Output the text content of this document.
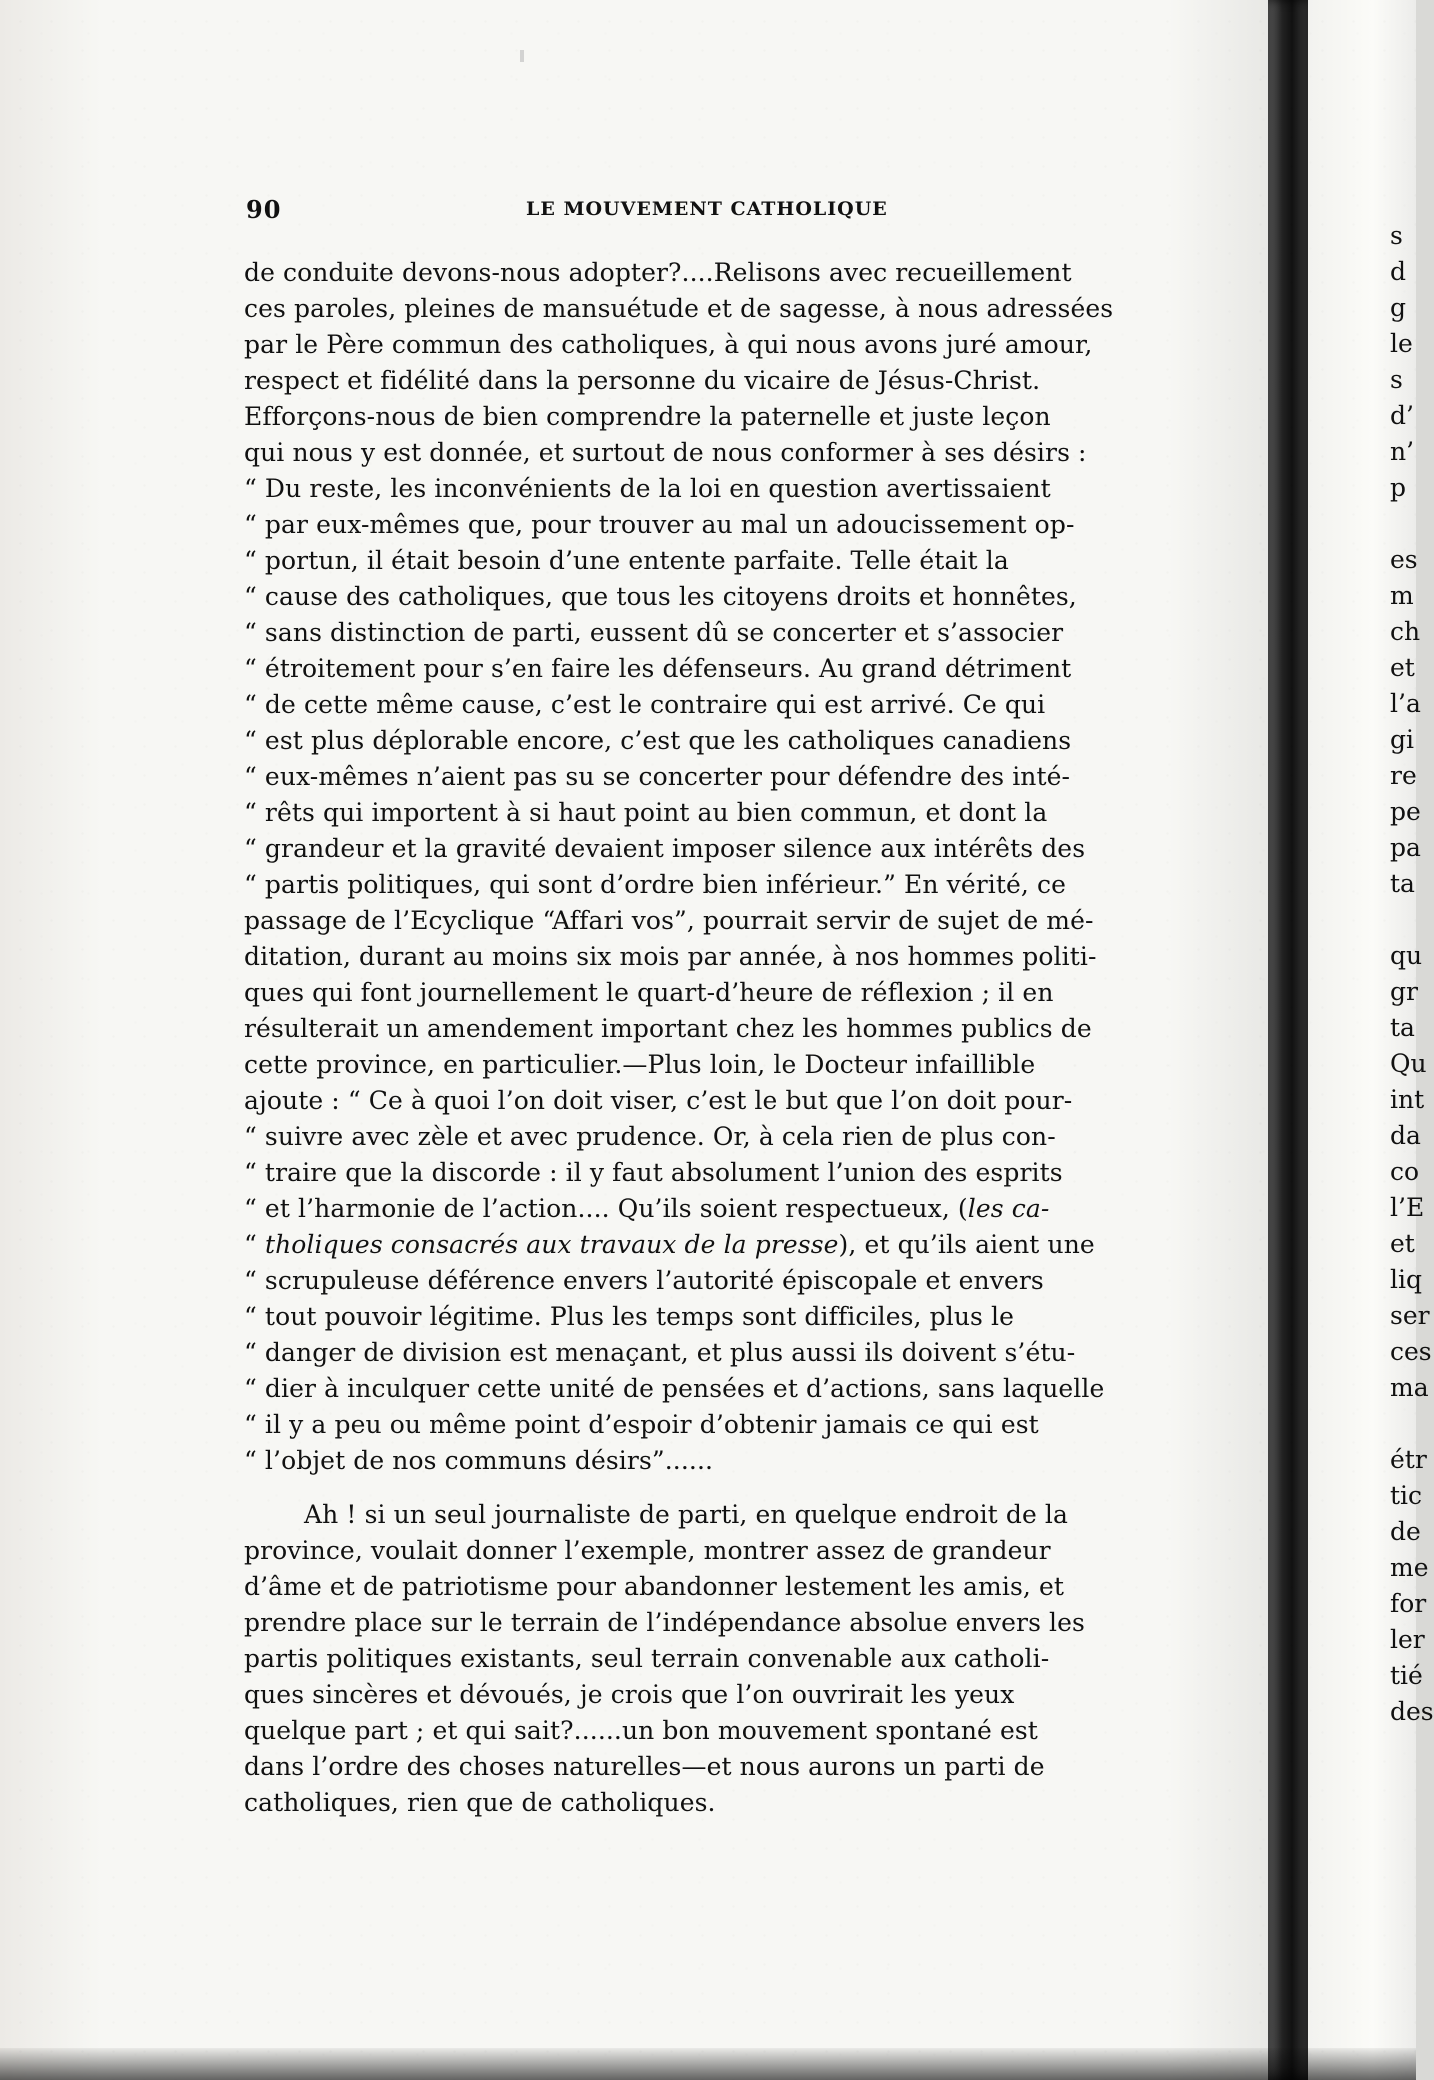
90	LE MOUVEMENT CATHOLIQUE
de conduite devons-nous adopter?....Relisons avec recueillement
ces paroles, pleines de mansuétude et de sagesse, à nous adressées
par le Père commun des catholiques, à qui nous avons juré amour,
respect et fidélité dans la personne du vicaire de Jésus-Christ.
Efforçons-nous de bien comprendre la paternelle et juste leçon
qui nous y est donnée, et surtout de nous conformer à ses désirs :
“ Du reste, les inconvénients de la loi en question avertissaient
“ par eux-mêmes que, pour trouver au mal un adoucissement op-
“ portun, il était besoin d’une entente parfaite. Telle était la
“ cause des catholiques, que tous les citoyens droits et honnêtes,
“ sans distinction de parti, eussent dû se concerter et s’associer
“ étroitement pour s’en faire les défenseurs. Au grand détriment
“ de cette même cause, c’est le contraire qui est arrivé. Ce qui
“ est plus déplorable encore, c’est que les catholiques canadiens
“ eux-mêmes n’aient pas su se concerter pour défendre des inté-
“ rêts qui importent à si haut point au bien commun, et dont la
“ grandeur et la gravité devaient imposer silence aux intérêts des
“ partis politiques, qui sont d’ordre bien inférieur.” En vérité, ce
passage de l’Ecyclique “Affari vos”, pourrait servir de sujet de mé-
ditation, durant au moins six mois par année, à nos hommes politi-
ques qui font journellement le quart-d’heure de réflexion ; il en
résulterait un amendement important chez les hommes publics de
cette province, en particulier.—Plus loin, le Docteur infaillible
ajoute : “ Ce à quoi l’on doit viser, c’est le but que l’on doit pour-
“ suivre avec zèle et avec prudence. Or, à cela rien de plus con-
“ traire que la discorde : il y faut absolument l’union des esprits
“ et l’harmonie de l’action.... Qu’ils soient respectueux, (les ca-
“ tholiques consacrés aux travaux de la presse), et qu’ils aient une
“ scrupuleuse déférence envers l’autorité épiscopale et envers
“ tout pouvoir légitime. Plus les temps sont difficiles, plus le
“ danger de division est menaçant, et plus aussi ils doivent s’étu-
“ dier à inculquer cette unité de pensées et d’actions, sans laquelle
“ il y a peu ou même point d’espoir d’obtenir jamais ce qui est
“ l’objet de nos communs désirs”......
Ah ! si un seul journaliste de parti, en quelque endroit de la
province, voulait donner l’exemple, montrer assez de grandeur
d’âme et de patriotisme pour abandonner lestement les amis, et
prendre place sur le terrain de l’indépendance absolue envers les
partis politiques existants, seul terrain convenable aux catholi-
ques sincères et dévoués, je crois que l’on ouvrirait les yeux
quelque part ; et qui sait?......un bon mouvement spontané est
dans l’ordre des choses naturelles—et nous aurons un parti de
catholiques, rien que de catholiques.
s
d
g
le
s
d’
n’
p
es
m
ch
et
l’a
gi
re
pe
pa
ta
qu
gr
ta
Qu
int
da
co
l’E
et
liq
ser
ces
ma
étr
tic
de
me
for
ler
tié
des
